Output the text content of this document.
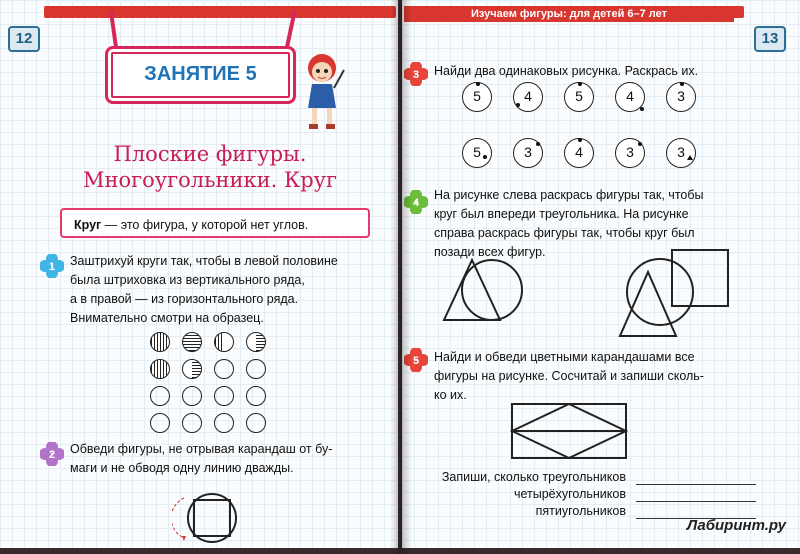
12
ЗАНЯТИЕ 5
Плоские фигуры.
Многоугольники. Круг
Круг — это фигура, у которой нет углов.
1 Заштрихуй круги так, чтобы в левой половине
была штриховка из вертикального ряда,
а в правой — из горизонтального ряда.
Внимательно смотри на образец.
2 Обведи фигуры, не отрывая карандаш от бу-
маги и не обводя одну линию дважды.
13
Изучаем фигуры: для детей 6–7 лет
3 Найди два одинаковых рисунка. Раскрась их.
5	4	5	4	3
5	3	4	3	3
4
На рисунке слева раскрась фигуры так, чтобы
круг был впереди треугольника. На рисунке
справа раскрась фигуры так, чтобы круг был
позади всех фигур.
5 Найди и обведи цветными карандашами все
фигуры на рисунке. Сосчитай и запиши сколь-
ко их.
Запиши, сколько треугольников
четырёхугольников
пятиугольников
Лабиринт.ру
